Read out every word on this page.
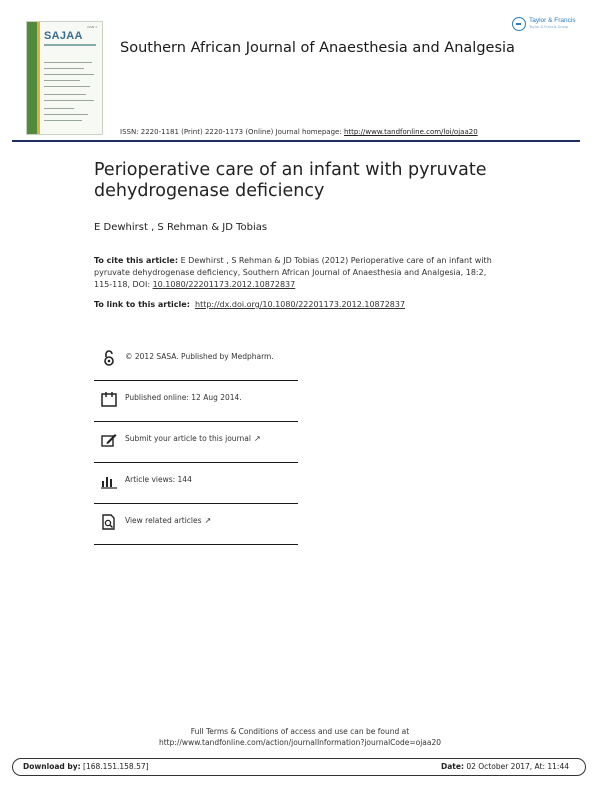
ISSN 1
SAJAA
Southern African Journal of Anaesthesia and Analgesia
Taylor & Francis
Taylor & Francis Group
ISSN: 2220-1181 (Print) 2220-1173 (Online) Journal homepage: http://www.tandfonline.com/loi/ojaa20
Perioperative care of an infant with pyruvate dehydrogenase deficiency
E Dewhirst , S Rehman & JD Tobias
To cite this article: E Dewhirst , S Rehman & JD Tobias (2012) Perioperative care of an infant with pyruvate dehydrogenase deficiency, Southern African Journal of Anaesthesia and Analgesia, 18:2, 115-118, DOI: 10.1080/22201173.2012.10872837
To link to this article: http://dx.doi.org/10.1080/22201173.2012.10872837
© 2012 SASA. Published by Medpharm.
Published online: 12 Aug 2014.
Submit your article to this journal ↗
Article views: 144
View related articles ↗
Full Terms & Conditions of access and use can be found at
http://www.tandfonline.com/action/journalInformation?journalCode=ojaa20
Download by: [168.151.158.57]	Date: 02 October 2017, At: 11:44
